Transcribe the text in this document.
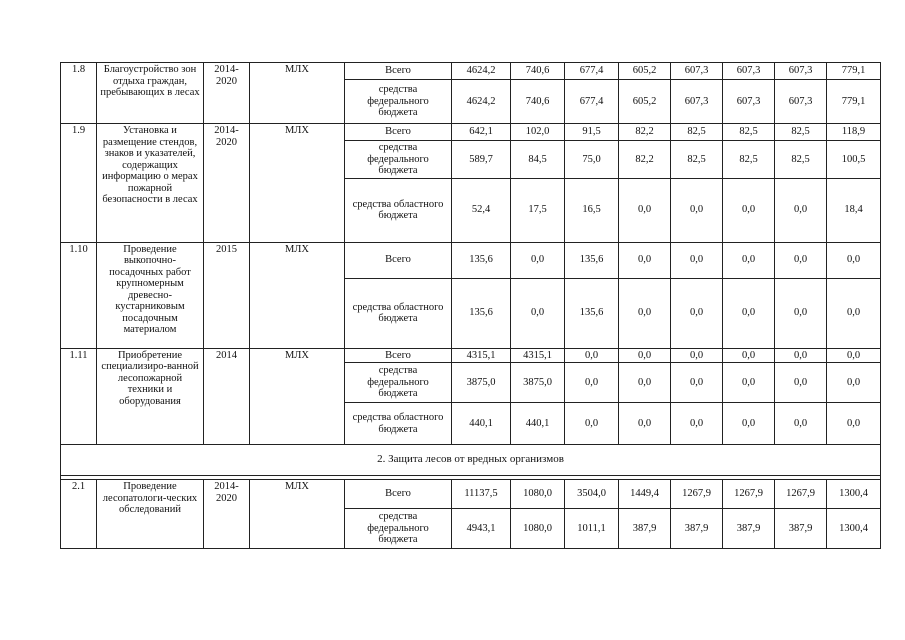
1.8	Благоустройство зон отдыха граждан, пребывающих в лесах	2014-2020	МЛХ	Всего	4624,2	740,6	677,4	605,2	607,3	607,3	607,3	779,1
				средства федерального бюджета	4624,2	740,6	677,4	605,2	607,3	607,3	607,3	779,1
1.9	Установка и размещение стендов, знаков и указателей, содержащих информацию о мерах пожарной безопасности в лесах	2014-2020	МЛХ	Всего	642,1	102,0	91,5	82,2	82,5	82,5	82,5	118,9
				средства федерального бюджета	589,7	84,5	75,0	82,2	82,5	82,5	82,5	100,5
				средства областного бюджета	52,4	17,5	16,5	0,0	0,0	0,0	0,0	18,4
1.10	Проведение выкопочно-посадочных работ крупномерным древесно-кустарниковым посадочным материалом	2015	МЛХ	Всего	135,6	0,0	135,6	0,0	0,0	0,0	0,0	0,0
				средства областного бюджета	135,6	0,0	135,6	0,0	0,0	0,0	0,0	0,0
1.11	Приобретение специализиро-ванной лесопожарной техники и оборудования	2014	МЛХ	Всего	4315,1	4315,1	0,0	0,0	0,0	0,0	0,0	0,0
				средства федерального бюджета	3875,0	3875,0	0,0	0,0	0,0	0,0	0,0	0,0
				средства областного бюджета	440,1	440,1	0,0	0,0	0,0	0,0	0,0	0,0
2. Защита лесов от вредных организмов												

2.1	Проведение лесопатологи-ческих обследований	2014-2020	МЛХ	Всего	11137,5	1080,0	3504,0	1449,4	1267,9	1267,9	1267,9	1300,4
				средства федерального бюджета	4943,1	1080,0	1011,1	387,9	387,9	387,9	387,9	1300,4
